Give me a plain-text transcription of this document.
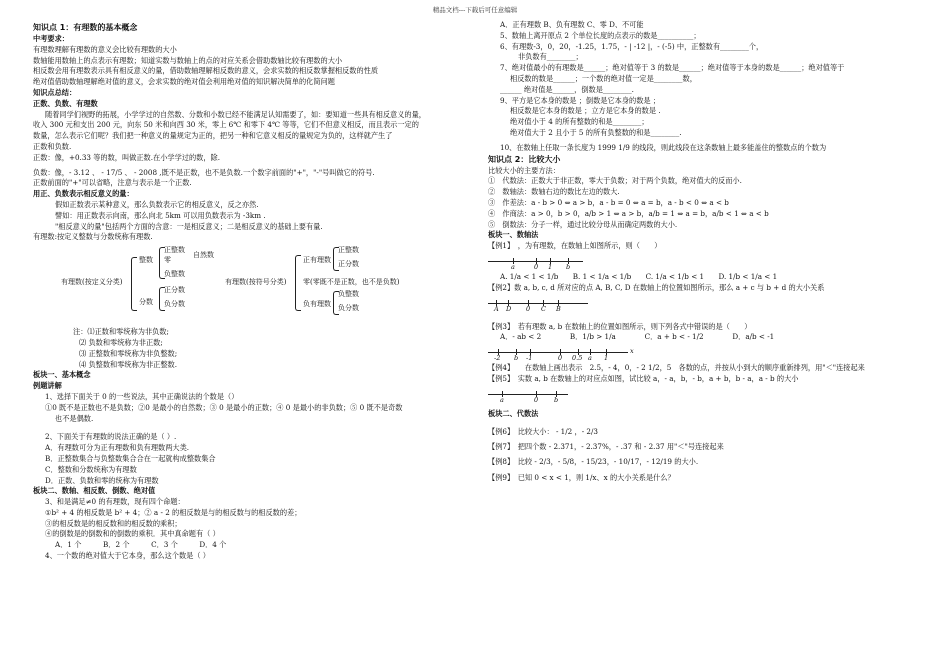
精品文档---下载后可任意编辑
知识点 1：有理数的基本概念
中考要求：
有理数理解有理数的意义会比较有理数的大小
数轴能用数轴上的点表示有理数；知道实数与数轴上的点的对应关系会借助数轴比较有理数的大小
相反数会用有理数表示具有相反意义的量，借助数轴理解相反数的意义，会求实数的相反数掌握相反数的性质
绝对值借助数轴理解绝对值的意义，会求实数的绝对值会利用绝对值的知识解决简单的化简问题
知识点总结：
正数、负数、有理数
随着同学们视野的拓展，小学学过的自然数、分数和小数已经不能满足认知需要了，如：要知道一些具有相反意义的量，
收入 300 元和支出 200 元，向东 50 米和向西 30 米，零上 6℃ 和零下 4℃ 等等，它们不但意义相反，而且表示一定的
数量，怎么表示它们呢？我们把一种意义的量规定为正的，把另一种和它意义相反的量规定为负的，这样就产生了
正数和负数.
正数：像，+0.33 等的数，叫做正数.在小学学过的数，除.
负数：像，- 3.12 、 - 17/5 、 - 2008 ,既不是正数，也不是负数.一个数字前面的"+"，"-"号叫做它的符号.
正数前面的"+"可以省略，注意与表示是一个正数.
用正、负数表示相反意义的量：
假如正数表示某种意义，那么负数表示它的相反意义，反之亦然.
譬如：用正数表示向南，那么向北 5km 可以用负数表示为 -3km .
"相反意义的量"包括两个方面的含意：一是相反意义；二是相反意义的基础上要有量.
有理数:按定义整数与分数统称有理数.
有理数(按定义分类)
整数
分数
正整数
零
负整数
自然数
正分数
负分数
有理数(按符号分类)
正有理数
零(零既不是正数，也不是负数)
负有理数
正整数
正分数
负整数
负分数
注：⑴正数和零统称为非负数;
⑵ 负数和零统称为非正数;
⑶ 正整数和零统称为非负整数;
⑷ 负整数和零统称为非正整数.
板块一、基本概念
例题讲解
1、选择下面关于 0 的一些说法，其中正确说法的个数是（）
①0 既不是正数也不是负数；②0 是最小的自然数；③ 0 是最小的正数；④ 0 是最小的非负数；⑤ 0 既不是奇数
也不是偶数.
2、下面关于有理数的说法正确的是（ ）.
A．有理数可分为正有理数和负有理数两大类.
B．正整数集合与负整数集合合在一起就构成整数集合
C．整数和分数统称为有理数
D．正数、负数和零的统称为有理数
板块二、数轴、相反数、倒数、绝对值
3、和是满足≠0 的有理数，现有四个命题：
①b² + 4 的相反数是 b² + 4；② a - 2 的相反数是与的相反数与的相反数的差；
③的相反数是的相反数和的相反数的乘积；
④的倒数是的倒数和的倒数的乘积．其中真命题有（ ）
A．1 个　　　B．2 个　　　C．3 个　　　D．4 个
4、一个数的绝对值大于它本身，那么这个数是（ ）
A．正有理数 B、负有理数 C、零 D、不可能
5、数轴上离开原点 2 个单位长度的点表示的数是__________；
6、有理数-3，0，20，-1.25，1.75，- | -12 |，- (-5) 中，正整数有________个，
非负数有________；
7、绝对值最小的有理数是______；绝对值等于 3 的数是______；绝对值等于本身的数是______；绝对值等于
相反数的数是______；一个数的绝对值一定是________数，
______ 绝对值是______，倒数是________.
9、平方是它本身的数是 ；倒数是它本身的数是 ；
相反数是它本身的数是 ；立方是它本身的数是 .
绝对值小于 4 的所有整数的和是________；
绝对值大于 2 且小于 5 的所有负整数的和是________.
10、在数轴上任取一条长度为 1999 1/9 的线段，则此线段在这条数轴上最多能盖住的整数点的个数为
知识点 2：比较大小
比较大小的主要方法：
①　代数法：正数大于非正数，零大于负数；对于两个负数，绝对值大的反而小.
②　数轴法：数轴右边的数比左边的数大.
③　作差法：a - b > 0 ⇔ a > b，a - b = 0 ⇔ a = b，a - b < 0 ⇔ a < b
④　作商法：a > 0，b > 0，a/b > 1 ⇔ a > b，a/b = 1 ⇔ a = b，a/b < 1 ⇔ a < b
⑤　倒数法：分子一样，通过比较分母从而确定两数的大小.
板块一、数轴法
【例1】　，为有理数，在数轴上如图所示，则（　　）
a	0 1 b
A. 1/a < 1 < 1/b　　B. 1 < 1/a < 1/b　　C. 1/a < 1/b < 1　　D. 1/b < 1/a < 1
【例2】数 a, b, c, d 所对应的点 A, B, C, D 在数轴上的位置如图所示，那么 a + c 与 b + d 的大小关系
A D 0 C B
【例3】　若有理数 a, b 在数轴上的位置如图所示，则下列各式中错误的是（　　）
A．- ab < 2　　　　B．1/b > 1/a　　　　C．a + b < - 1/2　　　　D．a/b < -1
-2 b -1	0 0.5 a 1
x
【例4】　　在数轴上画出表示　2.5，- 4，0，- 2 1/2，5　各数的点，并按从小到大的顺序重新排列，用"＜"连接起来
【例5】　实数 a, b 在数轴上的对应点如图，试比较 a，- a，b，- b，a + b，b - a，a - b 的大小
a	0 b
板块二、代数法
【例6】　比较大小： - 1/2 ，- 2/3
【例7】　把四个数 - 2.371，- 2.37%，- .37 和 - 2.37 用"＜"号连接起来
【例8】　比较 - 2/3，- 5/8，- 15/23，- 10/17，- 12/19 的大小.
【例9】　已知 0 < x < 1，则 1/x、x 的大小关系是什么？
